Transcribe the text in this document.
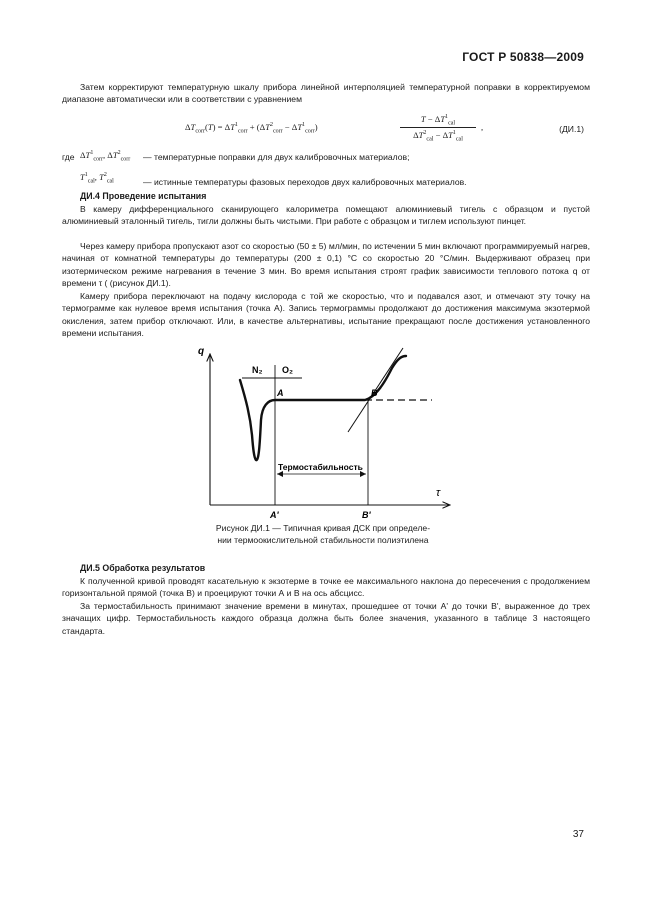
ГОСТ Р 50838—2009
Затем корректируют температурную шкалу прибора линейной интерполяцией температурной поправки в корректируемом диапазоне автоматически или в соответствии с уравнением
$\Delta T_{corr}(T) = \Delta T^1_{corr} + (\Delta T^2_{corr} - \Delta T^1_{corr})$
$T - \Delta T^1_{cal}$
$\Delta T^2_{cal} - \Delta T^1_{cal}$
,	(ДИ.1)
где $\Delta T^1_{corr}$, $\Delta T^2_{corr}$ — температурные поправки для двух калибровочных материалов;
$T^1_{cal}$, $T^2_{cal}$	— истинные температуры фазовых переходов двух калибровочных материалов.
ДИ.4 Проведение испытания
В камеру дифференциального сканирующего калориметра помещают алюминиевый тигель с образцом и пустой алюминиевый эталонный тигель, тигли должны быть чистыми. При работе с образцом и тиглем используют пинцет.
Через камеру прибора пропускают азот со скоростью (50 ± 5) мл/мин, по истечении 5 мин включают программируемый нагрев, начиная от комнатной температуры до температуры (200 ± 0,1) °С со скоростью 20 °С/мин. Выдерживают образец при изотермическом режиме нагревания в течение 3 мин. Во время испытания строят график зависимости теплового потока q от времени τ ( (рисунок ДИ.1).
Камеру прибора переключают на подачу кислорода с той же скоростью, что и подавался азот, и отмечают эту точку на термограмме как нулевое время испытания (точка А). Запись термограммы продолжают до достижения максимума экзотермой окисления, затем прибор отключают. Или, в качестве альтернативы, испытание прекращают после достижения установленного времени испытания.
q
τ
N₂ O₂
A	B
Термостабильность
A'	B'
Рисунок ДИ.1 — Типичная кривая ДСК при определе-
нии термоокислительной стабильности полиэтилена
ДИ.5 Обработка результатов
К полученной кривой проводят касательную к экзотерме в точке ее максимального наклона до пересечения с продолжением горизонтальной прямой (точка В) и проецируют точки А и В на ось абсцисс.
За термостабильность принимают значение времени в минутах, прошедшее от точки А' до точки В', выраженное до трех значащих цифр. Термостабильность каждого образца должна быть более значения, указанного в таблице 3 настоящего стандарта.
37
